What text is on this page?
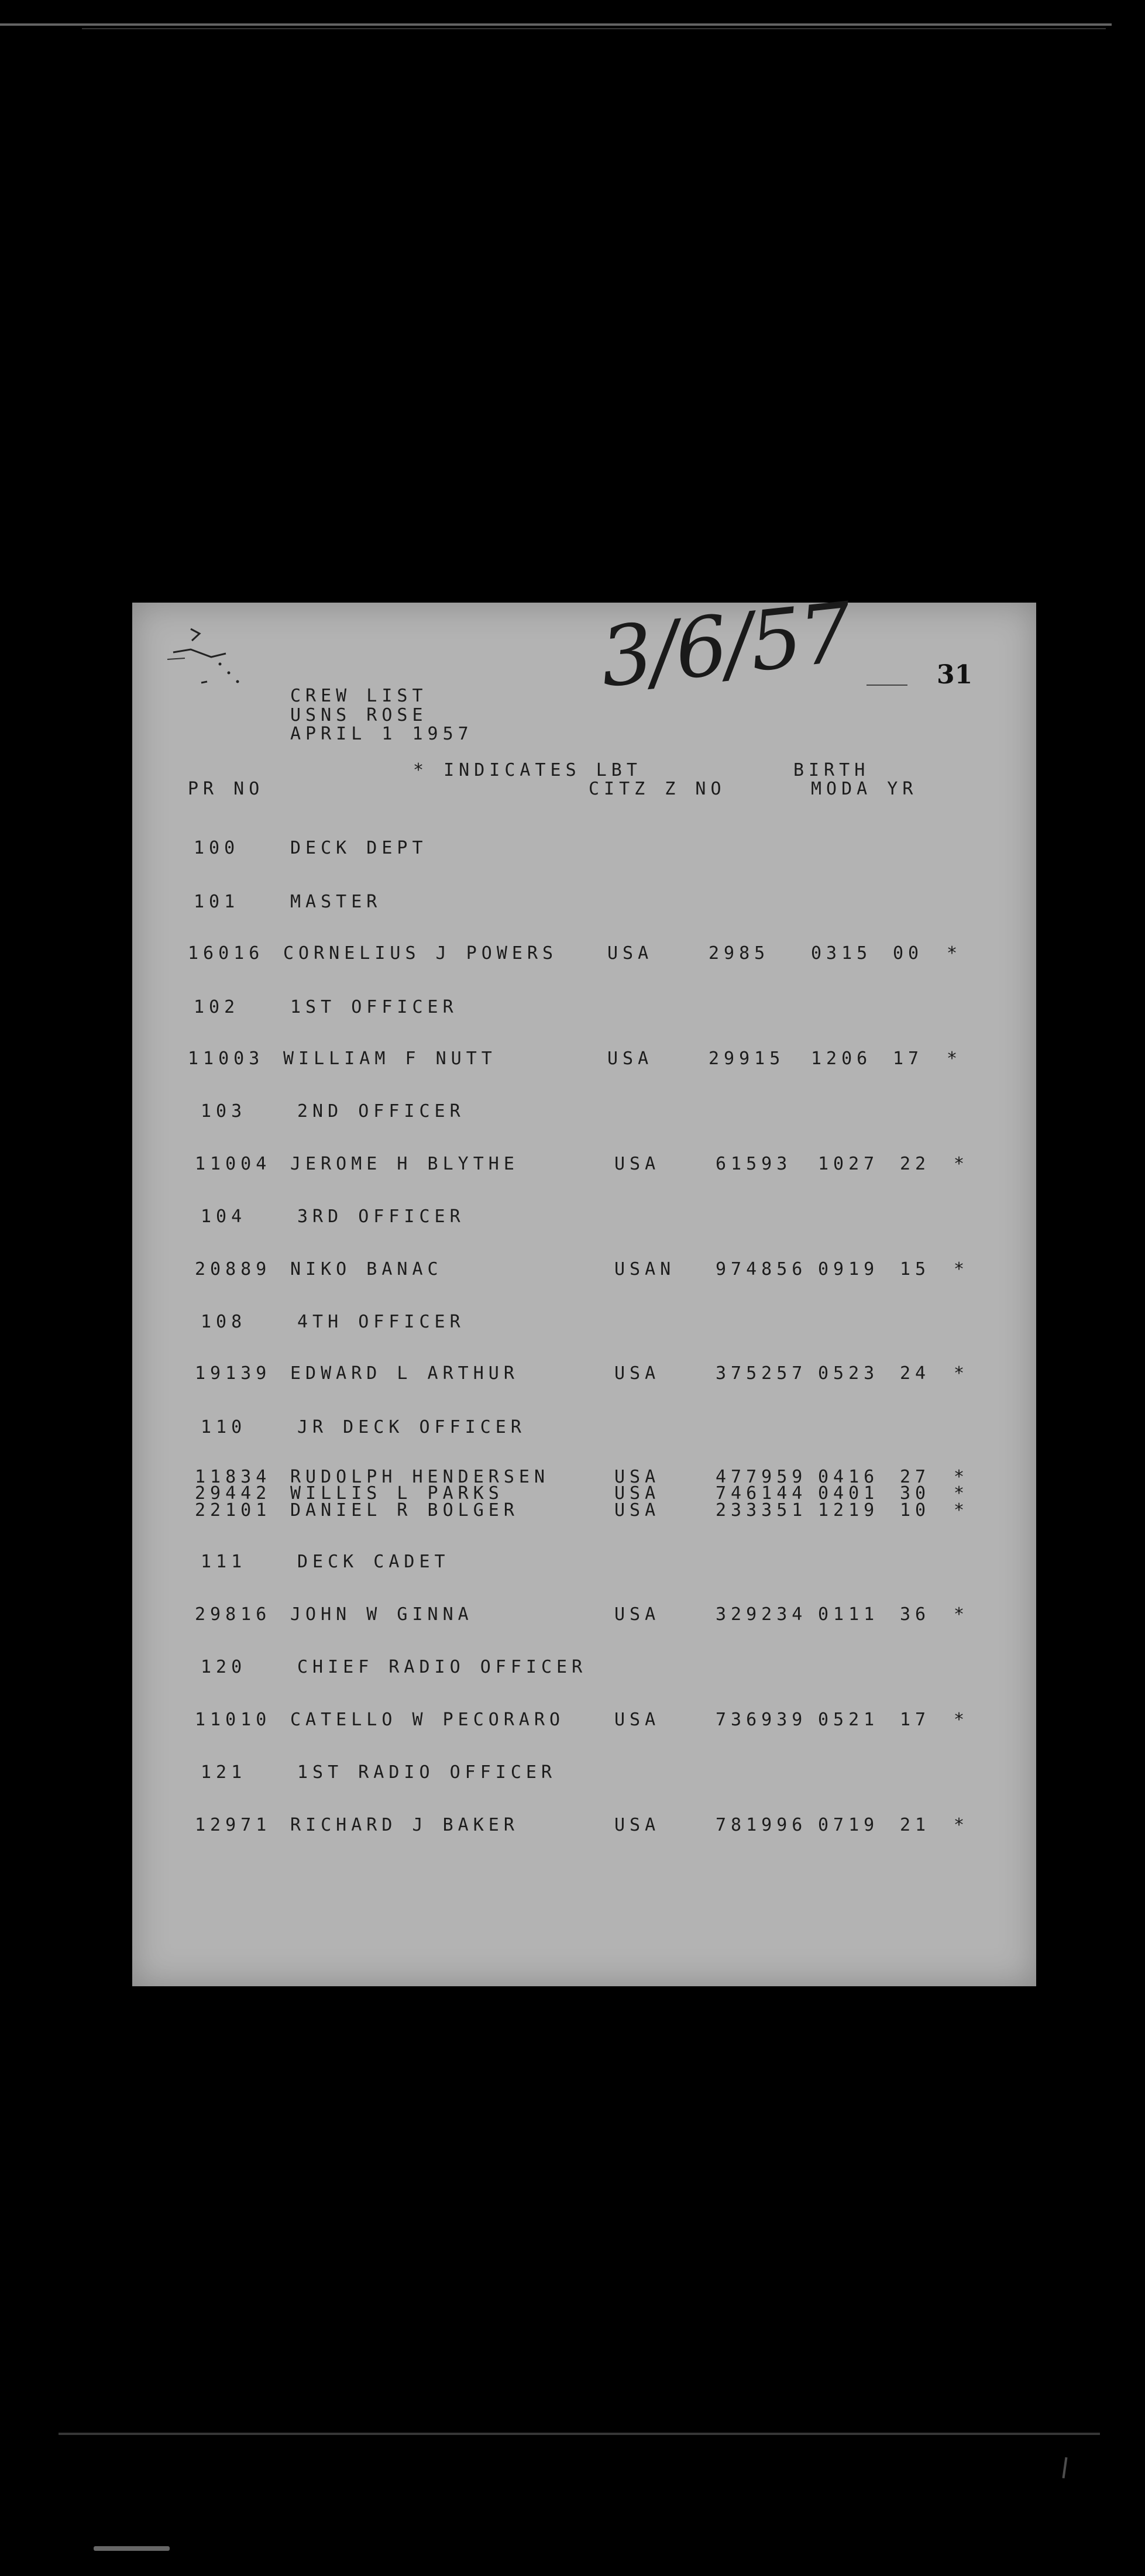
3/6/57	31
CREW LIST
USNS ROSE
APRIL 1 1957
* INDICATES LBT	BIRTH
PR NO	CITZ Z NO	MODA YR
100	DECK DEPT
101	MASTER
16016 CORNELIUS J POWERS	USA	2985 0315 00 *
102	1ST OFFICER
11003 WILLIAM F NUTT	USA	29915 1206 17 *
103	2ND OFFICER
11004 JEROME H BLYTHE	USA	61593 1027 22 *
104	3RD OFFICER
20889 NIKO BANAC	USAN 974856 0919 15 *
108	4TH OFFICER
19139 EDWARD L ARTHUR	USA	375257 0523 24 *
110	JR DECK OFFICER
11834 RUDOLPH HENDERSEN	USA	477959 0416 27 *
29442 WILLIS L PARKS	USA	746144 0401 30 *
22101 DANIEL R BOLGER	USA	233351 1219 10 *
111	DECK CADET
29816 JOHN W GINNA	USA	329234 0111 36 *
120	CHIEF RADIO OFFICER
11010 CATELLO W PECORARO	USA	736939 0521 17 *
121	1ST RADIO OFFICER
12971 RICHARD J BAKER	USA	781996 0719 21 *
